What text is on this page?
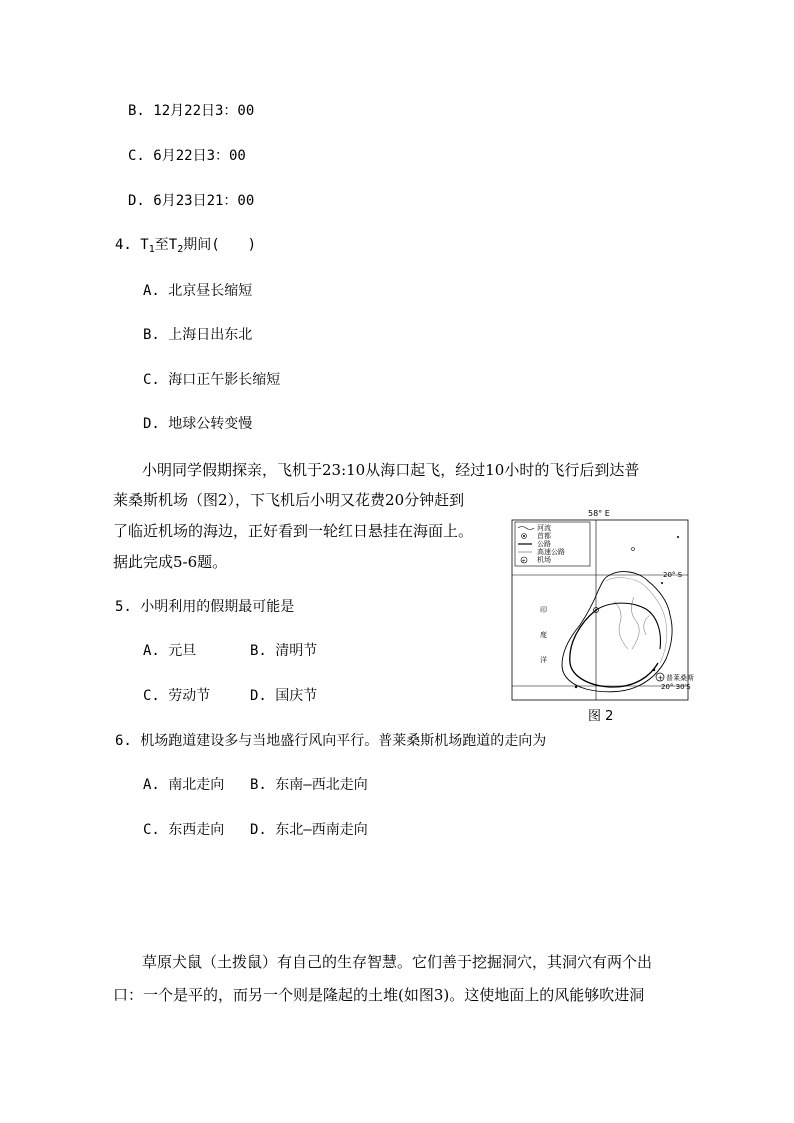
B. 12月22日3：00
C. 6月22日3：00
D. 6月23日21：00
4. $T_1$至$T_2$期间(　　)
A. 北京昼长缩短
B. 上海日出东北
C. 海口正午影长缩短
D. 地球公转变慢
小明同学假期探亲，飞机于23:10从海口起飞，经过10小时的飞行后到达普
莱桑斯机场（图2），下飞机后小明又花费20分钟赶到
了临近机场的海边，正好看到一轮红日悬挂在海面上。
据此完成5-6题。
58° E
20° S
20° 30′S
+
河流
首都
公路
高速公路
机场
印
度
洋
+ 普莱桑斯
图 2
5. 小明利用的假期最可能是
A. 元旦	B. 清明节
C. 劳动节	D. 国庆节
6. 机场跑道建设多与当地盛行风向平行。普莱桑斯机场跑道的走向为
A. 南北走向 B. 东南—西北走向
C. 东西走向 D. 东北—西南走向
草原犬鼠（土拨鼠）有自己的生存智慧。它们善于挖掘洞穴，其洞穴有两个出
口：一个是平的，而另一个则是隆起的土堆(如图3)。这使地面上的风能够吹进洞
